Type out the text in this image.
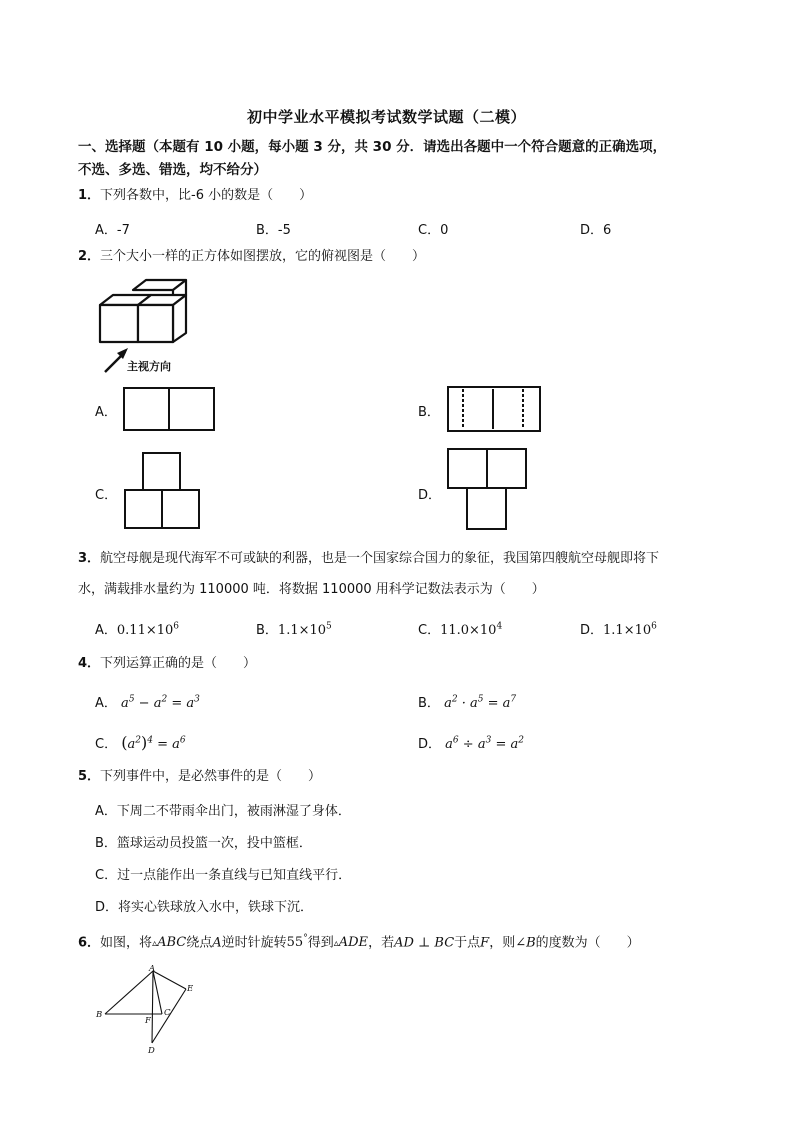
初中学业水平模拟考试数学试题（二模）
一、选择题（本题有 10 小题，每小题 3 分，共 30 分．请选出各题中一个符合题意的正确选项，
不选、多选、错选，均不给分）
1．下列各数中，比-6 小的数是（　　）
A．-7	B．-5	C．0	D．6
2．三个大小一样的正方体如图摆放，它的俯视图是（　　）
主视方向
A．	B．
C．	D．
3．航空母舰是现代海军不可或缺的利器，也是一个国家综合国力的象征，我国第四艘航空母舰即将下
水，满载排水量约为 110000 吨．将数据 110000 用科学记数法表示为（　　）
A．$0.11\times 10^6$	B．$1.1\times 10^5$	C．$11.0\times 10^4$	D．$1.1\times 10^6$
4．下列运算正确的是（　　）
A． $a^5 - a^2 = a^3$	B． $a^2 \cdot a^5 = a^7$
C． $(a^2)^4 = a^6$	D． $a^6 \div a^3 = a^2$
5．下列事件中，是必然事件的是（　　）
A．下周二不带雨伞出门，被雨淋湿了身体．
B．篮球运动员投篮一次，投中篮框．
C．过一点能作出一条直线与已知直线平行．
D．将实心铁球放入水中，铁球下沉．
6．如图，将▵ABC绕点A逆时针旋转55°得到▵ADE，若AD ⊥ BC于点F，则∠B的度数为（　　）
A
E
B
F
C
D
